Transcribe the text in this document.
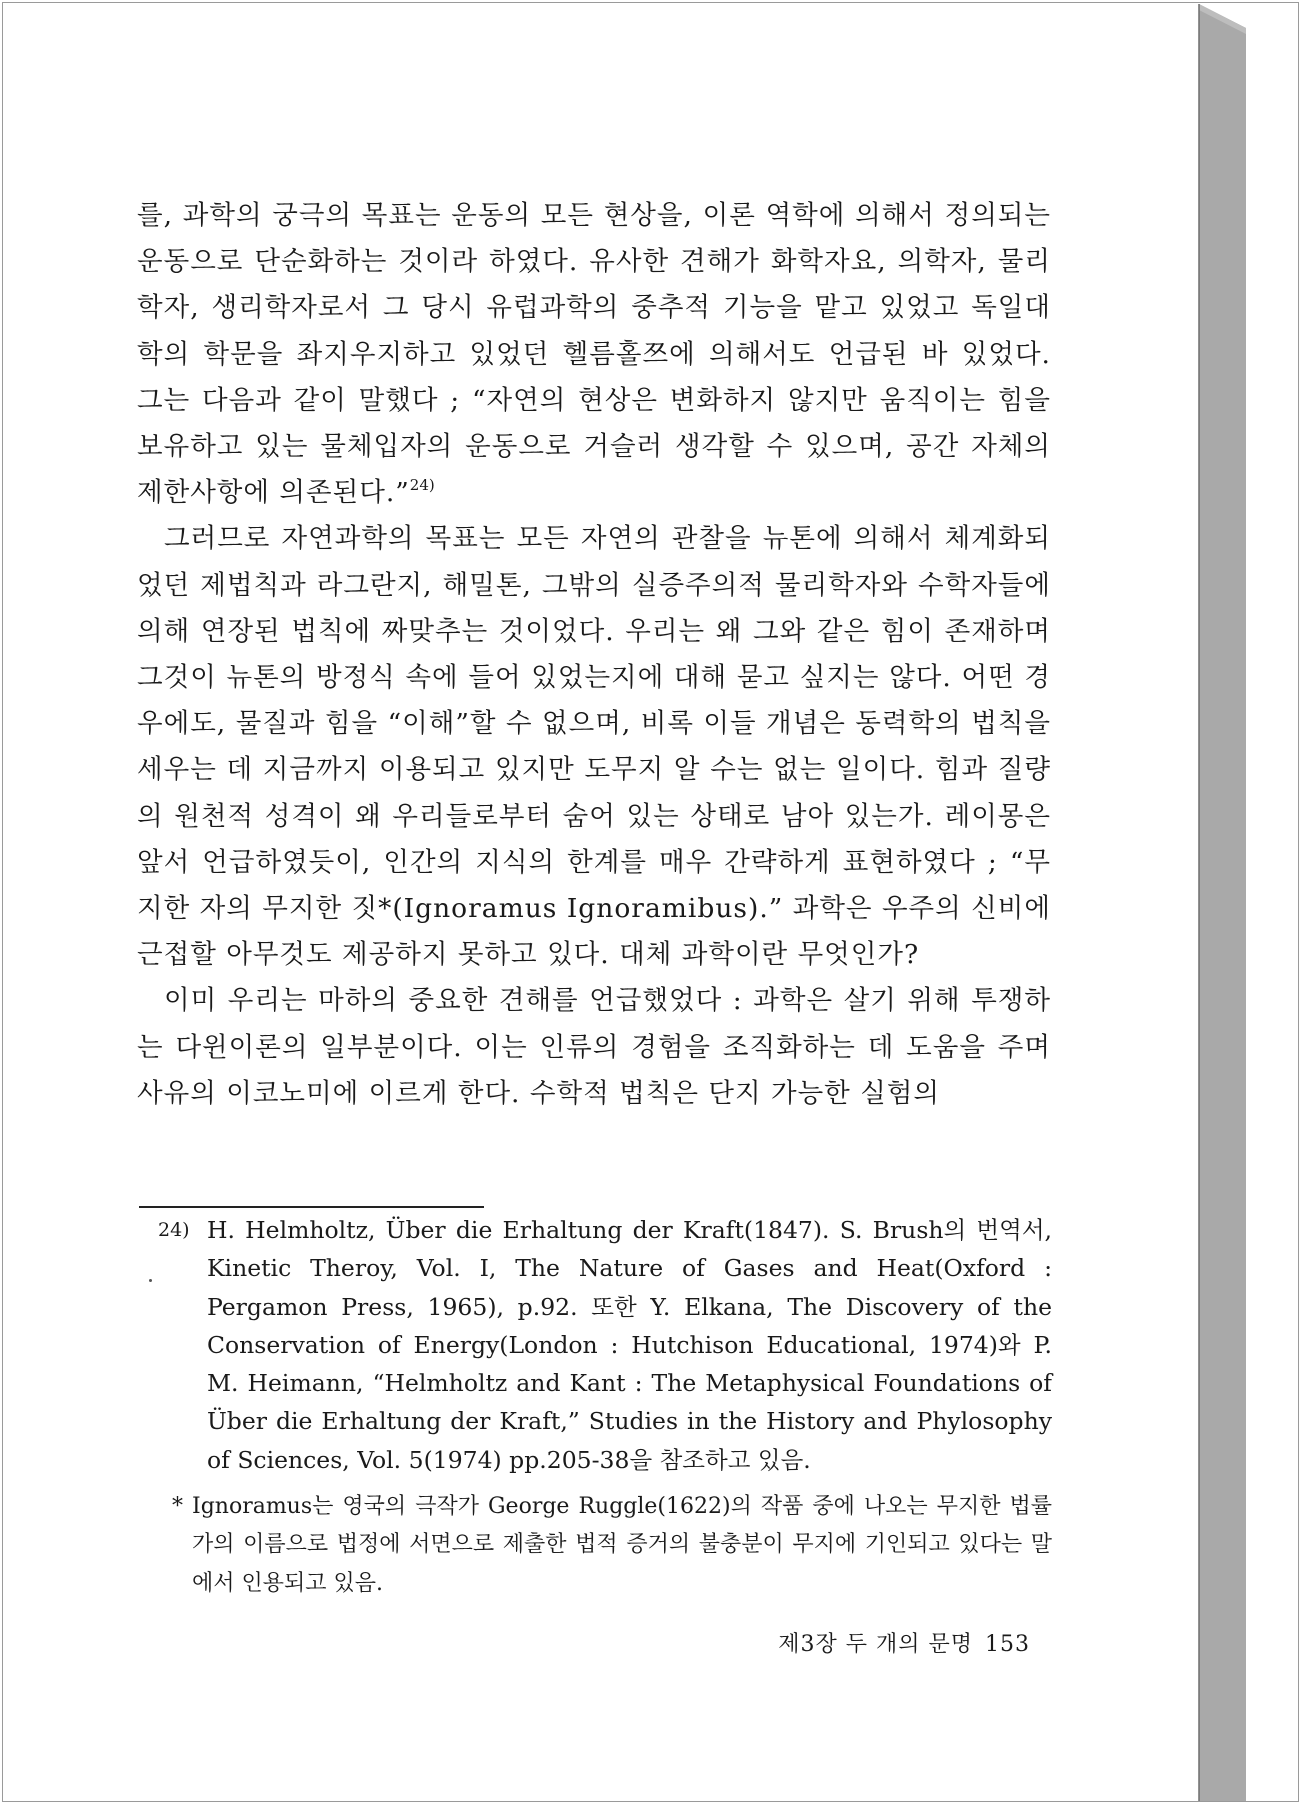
를, 과학의 궁극의 목표는 운동의 모든 현상을, 이론 역학에 의해서 정의되는 운동으로 단순화하는 것이라 하였다. 유사한 견해가 화학자요, 의학자, 물리학자, 생리학자로서 그 당시 유럽과학의 중추적 기능을 맡고 있었고 독일대학의 학문을 좌지우지하고 있었던 헬름홀쯔에 의해서도 언급된 바 있었다. 그는 다음과 같이 말했다 ; “자연의 현상은 변화하지 않지만 움직이는 힘을 보유하고 있는 물체입자의 운동으로 거슬러 생각할 수 있으며, 공간 자체의 제한사항에 의존된다.”$^{24)}$

그러므로 자연과학의 목표는 모든 자연의 관찰을 뉴톤에 의해서 체계화되었던 제법칙과 라그란지, 해밀톤, 그밖의 실증주의적 물리학자와 수학자들에 의해 연장된 법칙에 짜맞추는 것이었다. 우리는 왜 그와 같은 힘이 존재하며 그것이 뉴톤의 방정식 속에 들어 있었는지에 대해 묻고 싶지는 않다. 어떤 경우에도, 물질과 힘을 “이해”할 수 없으며, 비록 이들 개념은 동력학의 법칙을 세우는 데 지금까지 이용되고 있지만 도무지 알 수는 없는 일이다. 힘과 질량의 원천적 성격이 왜 우리들로부터 숨어 있는 상태로 남아 있는가. 레이몽은 앞서 언급하였듯이, 인간의 지식의 한계를 매우 간략하게 표현하였다 ; “무지한 자의 무지한 짓*(Ignoramus Ignoramibus).” 과학은 우주의 신비에 근접할 아무것도 제공하지 못하고 있다. 대체 과학이란 무엇인가?

이미 우리는 마하의 중요한 견해를 언급했었다 : 과학은 살기 위해 투쟁하는 다윈이론의 일부분이다. 이는 인류의 경험을 조직화하는 데 도움을 주며 사유의 이코노미에 이르게 한다. 수학적 법칙은 단지 가능한 실험의

24) H. Helmholtz, Über die Erhaltung der Kraft(1847). S. Brush의 번역서, Kinetic Theroy, Vol. I, The Nature of Gases and Heat(Oxford : Pergamon Press, 1965), p.92. 또한 Y. Elkana, The Discovery of the Conservation of Energy(London : Hutchison Educational, 1974)와 P. M. Heimann, “Helmholtz and Kant : The Metaphysical Foundations of Über die Erhaltung der Kraft,” Studies in the History and Phylosophy of Sciences, Vol. 5(1974) pp.205-38을 참조하고 있음.

* Ignoramus는 영국의 극작가 George Ruggle(1622)의 작품 중에 나오는 무지한 법률가의 이름으로 법정에 서면으로 제출한 법적 증거의 불충분이 무지에 기인되고 있다는 말에서 인용되고 있음.

제3장 두 개의 문명 153
